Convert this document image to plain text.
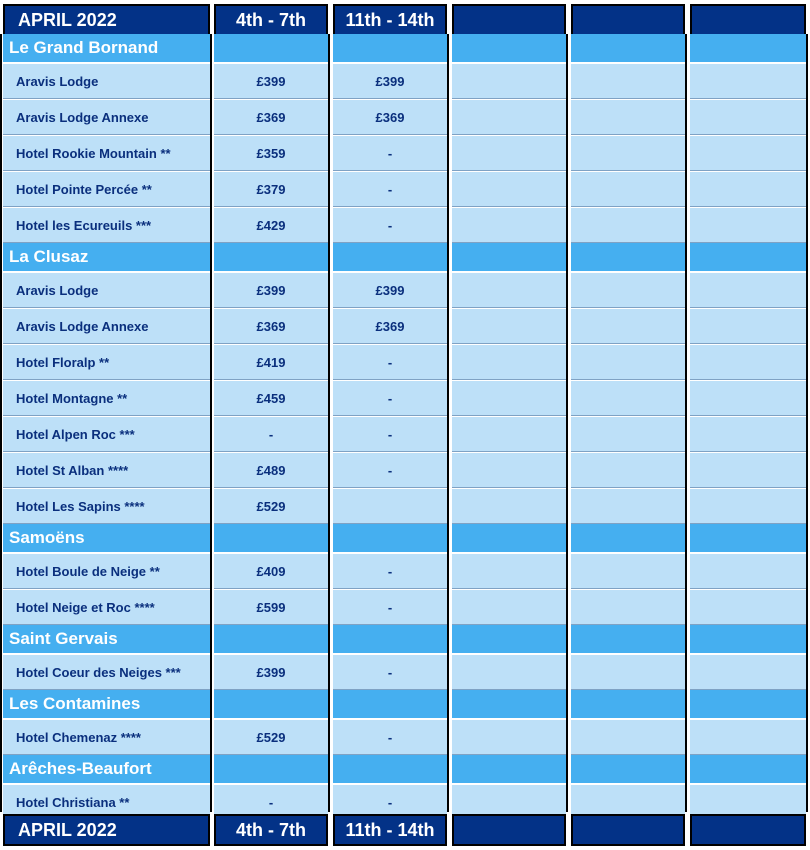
APRIL 2022	4th - 7th	11th - 14th
Le Grand Bornand
Aravis Lodge	£399	£399
Aravis Lodge Annexe	£369	£369
Hotel Rookie Mountain **	£359	-
Hotel Pointe Percée **	£379	-
Hotel les Ecureuils ***	£429	-
La Clusaz
Aravis Lodge	£399	£399
Aravis Lodge Annexe	£369	£369
Hotel Floralp **	£419	-
Hotel Montagne **	£459	-
Hotel Alpen Roc ***	-	-
Hotel St Alban ****	£489	-
Hotel Les Sapins ****	£529
Samoëns
Hotel Boule de Neige **	£409	-
Hotel Neige et Roc ****	£599	-
Saint Gervais
Hotel Coeur des Neiges ***	£399	-
Les Contamines
Hotel Chemenaz ****	£529	-
Arêches-Beaufort
Hotel Christiana **	-	-
APRIL 2022	4th - 7th	11th - 14th
